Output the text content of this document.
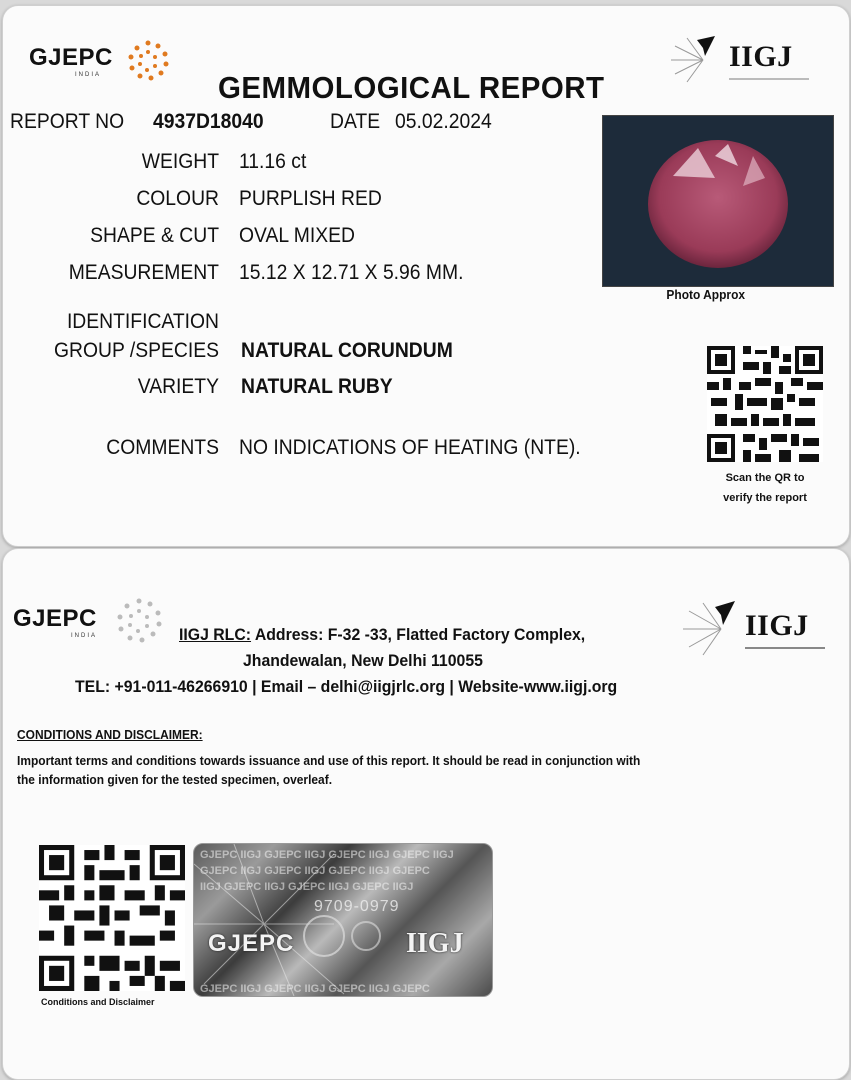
GJEPC
INDIA
IIGJ
GEMMOLOGICAL REPORT
REPORT NO 4937D18040	DATE 05.02.2024
WEIGHT 11.16 ct
COLOUR PURPLISH RED
SHAPE & CUT OVAL MIXED
MEASUREMENT 15.12 X 12.71 X 5.96 MM.
IDENTIFICATION
GROUP /SPECIES NATURAL CORUNDUM
VARIETY NATURAL RUBY
COMMENTS NO INDICATIONS OF HEATING (NTE).
Photo Approx
Scan the QR to
verify the report
GJEPC
INDIA	IIGJ
IIGJ RLC: Address: F-32 -33, Flatted Factory Complex,
Jhandewalan, New Delhi 110055
TEL: +91-011-46266910 | Email – delhi@iigjrlc.org | Website-www.iigj.org
CONDITIONS AND DISCLAIMER:
Important terms and conditions towards issuance and use of this report. It should be read in conjunction with
the information given for the tested specimen, overleaf.
Conditions and Disclaimer
GJEPC IIGJ GJEPC IIGJ GJEPC IIGJ GJEPC IIGJ
GJEPC IIGJ GJEPC IIGJ GJEPC IIGJ GJEPC
IIGJ GJEPC IIGJ GJEPC IIGJ GJEPC IIGJ
GJEPC IIGJ GJEPC IIGJ GJEPC IIGJ GJEPC
GJEPC	IIGJ
9709-0979
